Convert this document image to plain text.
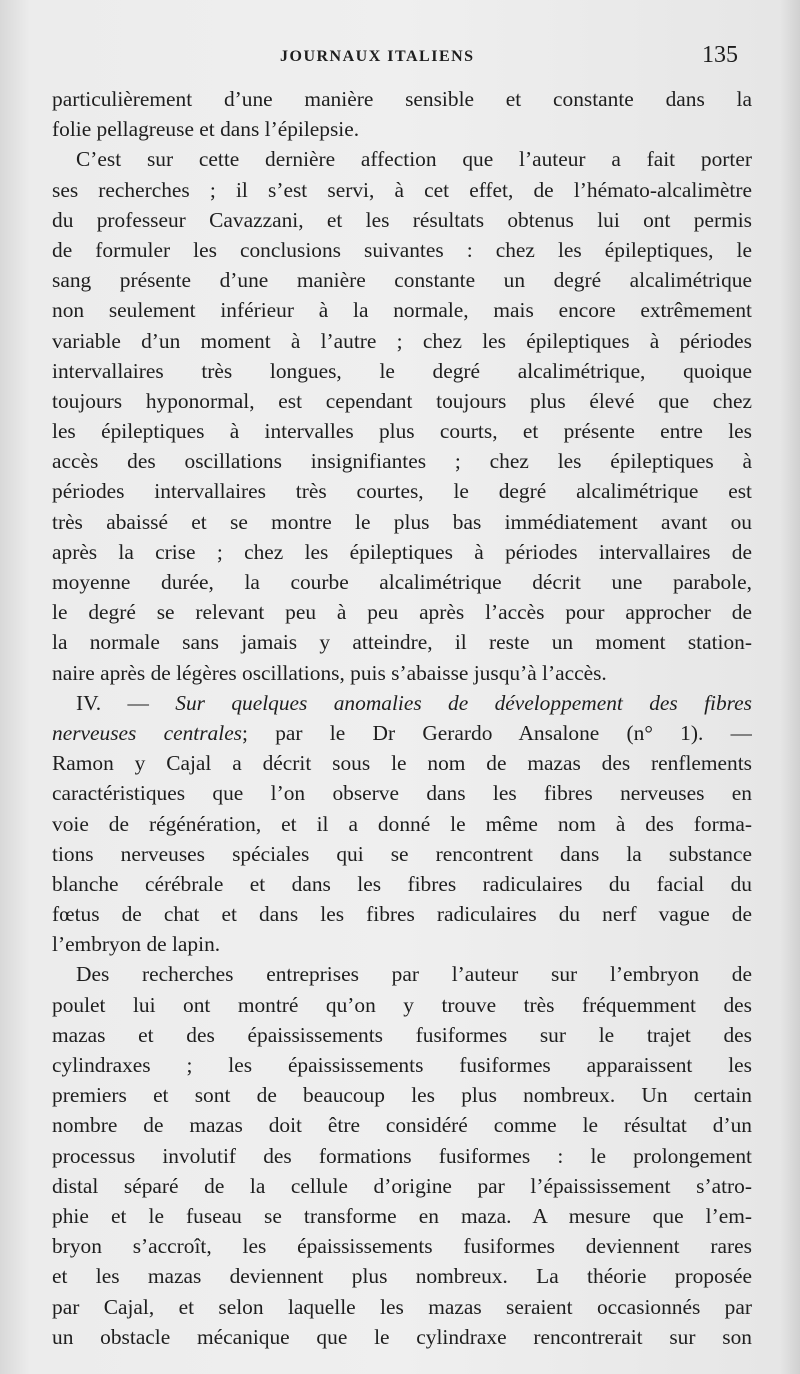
JOURNAUX ITALIENS	135
particulièrement d’une manière sensible et constante dans la
folie pellagreuse et dans l’épilepsie.
C’est sur cette dernière affection que l’auteur a fait porter
ses recherches ; il s’est servi, à cet effet, de l’hémato-alcalimètre
du professeur Cavazzani, et les résultats obtenus lui ont permis
de formuler les conclusions suivantes : chez les épileptiques, le
sang présente d’une manière constante un degré alcalimétrique
non seulement inférieur à la normale, mais encore extrêmement
variable d’un moment à l’autre ; chez les épileptiques à périodes
intervallaires très longues, le degré alcalimétrique, quoique
toujours hyponormal, est cependant toujours plus élevé que chez
les épileptiques à intervalles plus courts, et présente entre les
accès des oscillations insignifiantes ; chez les épileptiques à
périodes intervallaires très courtes, le degré alcalimétrique est
très abaissé et se montre le plus bas immédiatement avant ou
après la crise ; chez les épileptiques à périodes intervallaires de
moyenne durée, la courbe alcalimétrique décrit une parabole,
le degré se relevant peu à peu après l’accès pour approcher de
la normale sans jamais y atteindre, il reste un moment station-
naire après de légères oscillations, puis s’abaisse jusqu’à l’accès.
IV. — Sur quelques anomalies de développement des fibres
nerveuses centrales; par le Dr Gerardo Ansalone (n° 1). —
Ramon y Cajal a décrit sous le nom de mazas des renflements
caractéristiques que l’on observe dans les fibres nerveuses en
voie de régénération, et il a donné le même nom à des forma-
tions nerveuses spéciales qui se rencontrent dans la substance
blanche cérébrale et dans les fibres radiculaires du facial du
fœtus de chat et dans les fibres radiculaires du nerf vague de
l’embryon de lapin.
Des recherches entreprises par l’auteur sur l’embryon de
poulet lui ont montré qu’on y trouve très fréquemment des
mazas et des épaississements fusiformes sur le trajet des
cylindraxes ; les épaississements fusiformes apparaissent les
premiers et sont de beaucoup les plus nombreux. Un certain
nombre de mazas doit être considéré comme le résultat d’un
processus involutif des formations fusiformes : le prolongement
distal séparé de la cellule d’origine par l’épaississement s’atro-
phie et le fuseau se transforme en maza. A mesure que l’em-
bryon s’accroît, les épaississements fusiformes deviennent rares
et les mazas deviennent plus nombreux. La théorie proposée
par Cajal, et selon laquelle les mazas seraient occasionnés par
un obstacle mécanique que le cylindraxe rencontrerait sur son
